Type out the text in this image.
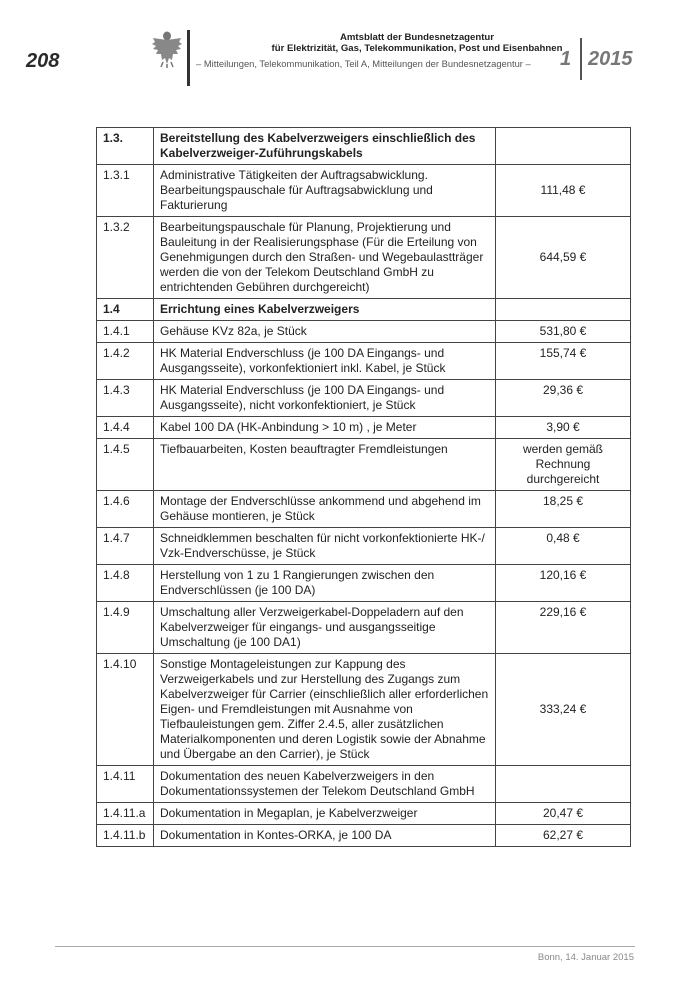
208
Amtsblatt der Bundesnetzagentur
für Elektrizität, Gas, Telekommunikation, Post und Eisenbahnen
– Mitteilungen, Telekommunikation, Teil A, Mitteilungen der Bundesnetzagentur – 1 2015
1.3.	Bereitstellung des Kabelverzweigers einschließlich des Kabelverzweiger-Zuführungskabels	
1.3.1	Administrative Tätigkeiten der Auftragsabwicklung. Bearbeitungspauschale für Auftragsabwicklung und Fakturierung	111,48 €
1.3.2	Bearbeitungspauschale für Planung, Projektierung und Bauleitung in der Realisierungsphase (Für die Erteilung von Genehmigungen durch den Straßen- und Wegebaulastträger werden die von der Telekom Deutschland GmbH zu entrichtenden Gebühren durchgereicht)	644,59 €
1.4	Errichtung eines Kabelverzweigers	
1.4.1	Gehäuse KVz 82a, je Stück	531,80 €
1.4.2	HK Material Endverschluss (je 100 DA Eingangs- und Ausgangsseite), vorkonfektioniert inkl. Kabel, je Stück	155,74 €
1.4.3	HK Material Endverschluss (je 100 DA Eingangs- und Ausgangsseite), nicht vorkonfektioniert, je Stück	29,36 €
1.4.4	Kabel 100 DA (HK-Anbindung > 10 m) , je Meter	3,90 €
1.4.5	Tiefbauarbeiten, Kosten beauftragter Fremdleistungen	werden gemäß Rechnung durchgereicht
1.4.6	Montage der Endverschlüsse ankommend und abgehend im Gehäuse montieren, je Stück	18,25 €
1.4.7	Schneidklemmen beschalten für nicht vorkonfektionierte HK-/ Vzk-Endverschüsse, je Stück	0,48 €
1.4.8	Herstellung von 1 zu 1 Rangierungen zwischen den Endverschlüssen (je 100 DA)	120,16 €
1.4.9	Umschaltung aller Verzweigerkabel-Doppeladern auf den Kabelverzweiger für eingangs- und ausgangsseitige Umschaltung (je 100 DA1)	229,16 €
1.4.10	Sonstige Montageleistungen zur Kappung des Verzweigerkabels und zur Herstellung des Zugangs zum Kabelverzweiger für Carrier (einschließlich aller erforderlichen Eigen- und Fremdleistungen mit Ausnahme von Tiefbauleistungen gem. Ziffer 2.4.5, aller zusätzlichen Materialkomponenten und deren Logistik sowie der Abnahme und Übergabe an den Carrier), je Stück	333,24 €
1.4.11	Dokumentation des neuen Kabelverzweigers in den Dokumentationssystemen der Telekom Deutschland GmbH	
1.4.11.a	Dokumentation in Megaplan, je Kabelverzweiger	20,47 €
1.4.11.b	Dokumentation in Kontes-ORKA, je 100 DA	62,27 €
Bonn, 14. Januar 2015
